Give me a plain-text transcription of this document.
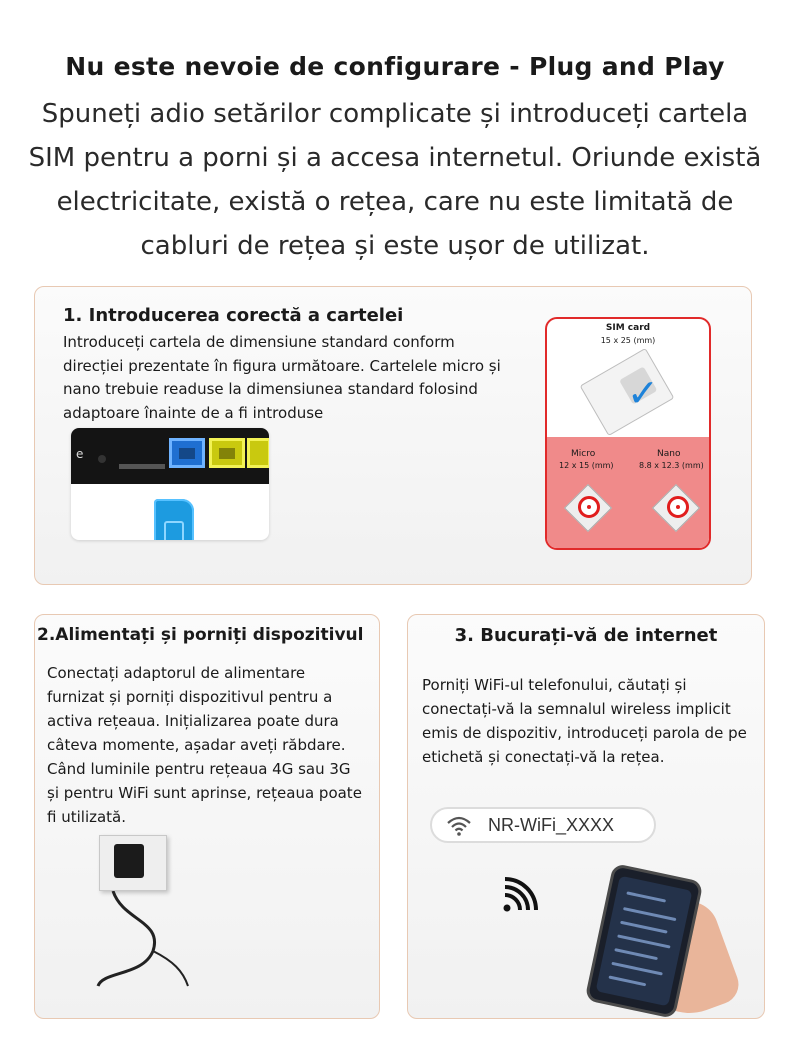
Nu este nevoie de configurare - Plug and Play
Spuneți adio setărilor complicate și introduceți cartela SIM pentru a porni și a accesa internetul. Oriunde există electricitate, există o rețea, care nu este limitată de cabluri de rețea și este ușor de utilizat.
1. Introducerea corectă a cartelei
Introduceți cartela de dimensiune standard conform direcției prezentate în figura următoare. Cartelele micro și nano trebuie readuse la dimensiunea standard folosind adaptoare înainte de a fi introduse
e
SIM card
15 x 25 (mm)
✓
Micro
12 x 15 (mm)
Nano
8.8 x 12.3 (mm)
2.Alimentați și porniți dispozitivul
Conectați adaptorul de alimentare furnizat și porniți dispozitivul pentru a activa rețeaua. Inițializarea poate dura câteva momente, așadar aveți răbdare. Când luminile pentru rețeaua 4G sau 3G și pentru WiFi sunt aprinse, rețeaua poate fi utilizată.
3. Bucurați-vă de internet
Porniți WiFi-ul telefonului, căutați și conectați-vă la semnalul wireless implicit emis de dispozitiv, introduceți parola de pe etichetă și conectați-vă la rețea.
NR-WiFi_XXXX
